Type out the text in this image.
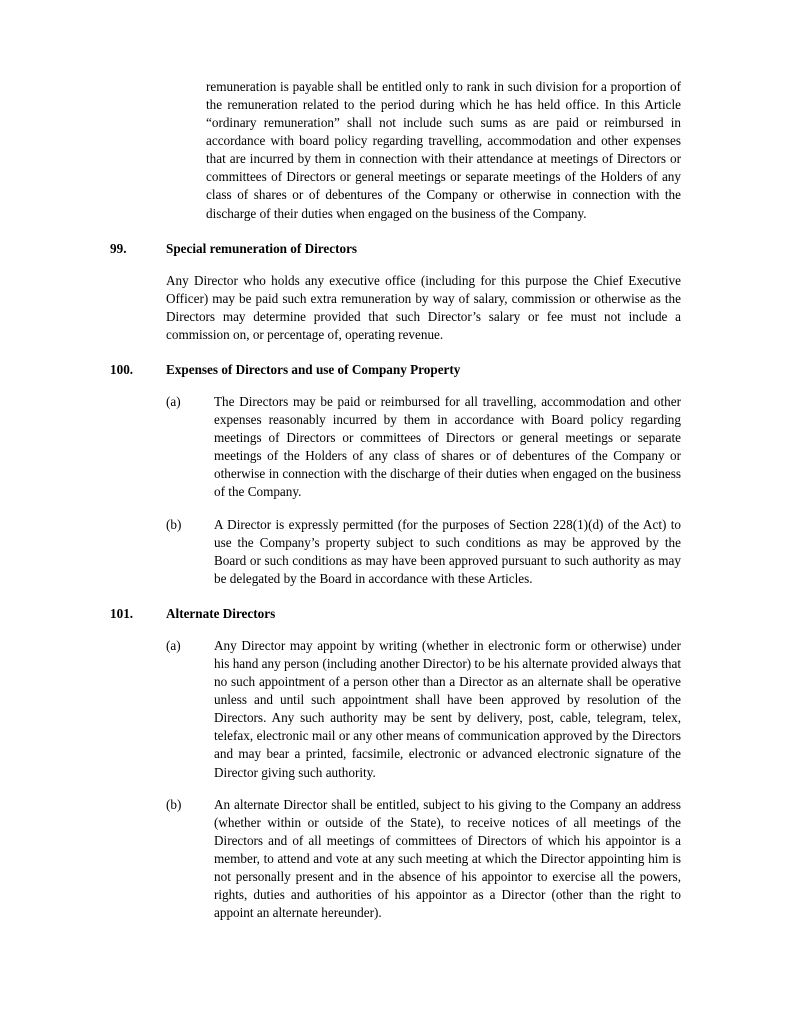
remuneration is payable shall be entitled only to rank in such division for a proportion of the remuneration related to the period during which he has held office. In this Article “ordinary remuneration” shall not include such sums as are paid or reimbursed in accordance with board policy regarding travelling, accommodation and other expenses that are incurred by them in connection with their attendance at meetings of Directors or committees of Directors or general meetings or separate meetings of the Holders of any class of shares or of debentures of the Company or otherwise in connection with the discharge of their duties when engaged on the business of the Company.

99.	Special remuneration of Directors

Any Director who holds any executive office (including for this purpose the Chief Executive Officer) may be paid such extra remuneration by way of salary, commission or otherwise as the Directors may determine provided that such Director’s salary or fee must not include a commission on, or percentage of, operating revenue.

100.	Expenses of Directors and use of Company Property
(a)	The Directors may be paid or reimbursed for all travelling, accommodation and other expenses reasonably incurred by them in accordance with Board policy regarding meetings of Directors or committees of Directors or general meetings or separate meetings of the Holders of any class of shares or of debentures of the Company or otherwise in connection with the discharge of their duties when engaged on the business of the Company.
(b)	A Director is expressly permitted (for the purposes of Section 228(1)(d) of the Act) to use the Company’s property subject to such conditions as may be approved by the Board or such conditions as may have been approved pursuant to such authority as may be delegated by the Board in accordance with these Articles.
101.	Alternate Directors
(a)	Any Director may appoint by writing (whether in electronic form or otherwise) under his hand any person (including another Director) to be his alternate provided always that no such appointment of a person other than a Director as an alternate shall be operative unless and until such appointment shall have been approved by resolution of the Directors. Any such authority may be sent by delivery, post, cable, telegram, telex, telefax, electronic mail or any other means of communication approved by the Directors and may bear a printed, facsimile, electronic or advanced electronic signature of the Director giving such authority.
(b)	An alternate Director shall be entitled, subject to his giving to the Company an address (whether within or outside of the State), to receive notices of all meetings of the Directors and of all meetings of committees of Directors of which his appointor is a member, to attend and vote at any such meeting at which the Director appointing him is not personally present and in the absence of his appointor to exercise all the powers, rights, duties and authorities of his appointor as a Director (other than the right to appoint an alternate hereunder).
